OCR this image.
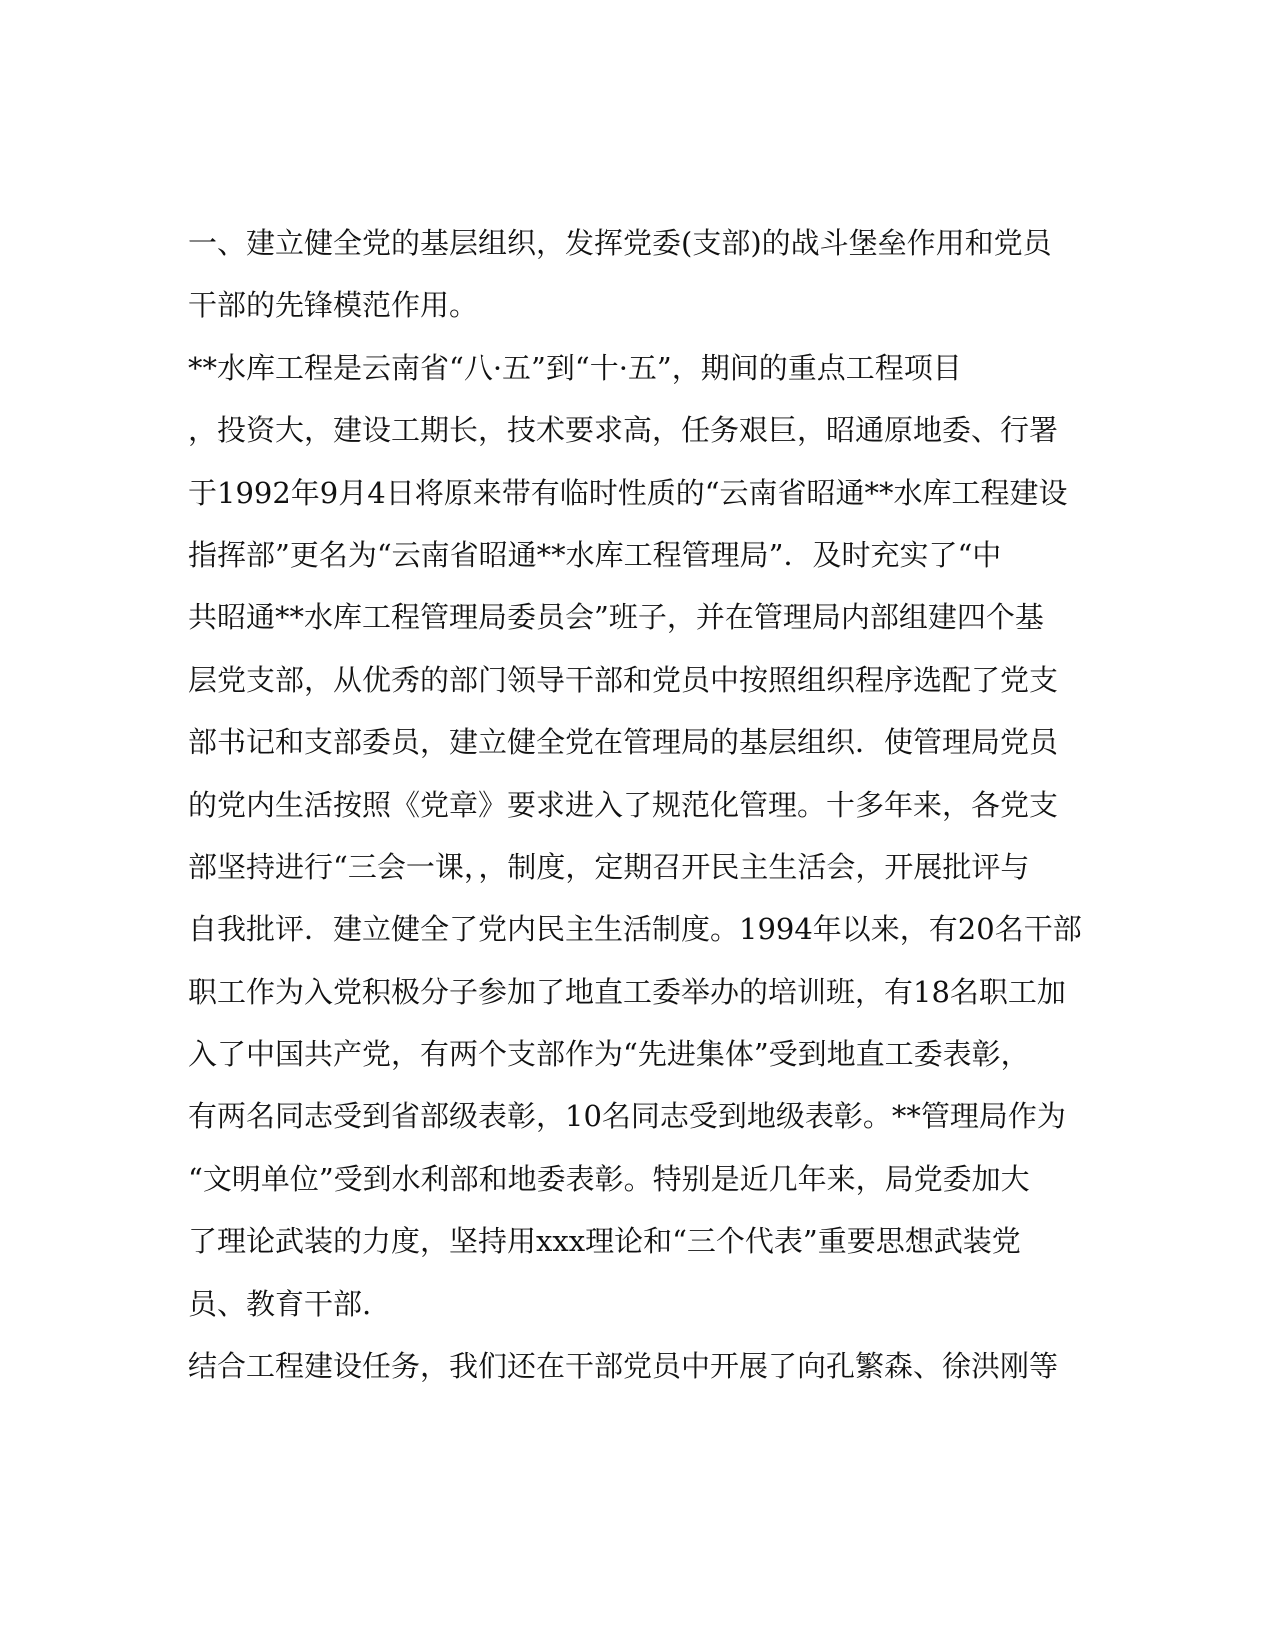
一、建立健全党的基层组织，发挥党委(支部)的战斗堡垒作用和党员
干部的先锋模范作用。
**水库工程是云南省“八·五”到“十·五”，期间的重点工程项目
，投资大，建设工期长，技术要求高，任务艰巨，昭通原地委、行署
于1992年9月4日将原来带有临时性质的“云南省昭通**水库工程建设
指挥部”更名为“云南省昭通**水库工程管理局”．及时充实了“中
共昭通**水库工程管理局委员会”班子，并在管理局内部组建四个基
层党支部，从优秀的部门领导干部和党员中按照组织程序选配了党支
部书记和支部委员，建立健全党在管理局的基层组织．使管理局党员
的党内生活按照《党章》要求进入了规范化管理。十多年来，各党支
部坚持进行“三会一课，，制度，定期召开民主生活会，开展批评与
自我批评．建立健全了党内民主生活制度。1994年以来，有20名干部
职工作为入党积极分子参加了地直工委举办的培训班，有18名职工加
入了中国共产党，有两个支部作为“先进集体”受到地直工委表彰，
有两名同志受到省部级表彰，10名同志受到地级表彰。**管理局作为
“文明单位”受到水利部和地委表彰。特别是近几年来，局党委加大
了理论武装的力度，坚持用xxx理论和“三个代表”重要思想武装党
员、教育干部.
结合工程建设任务，我们还在干部党员中开展了向孔繁森、徐洪刚等
